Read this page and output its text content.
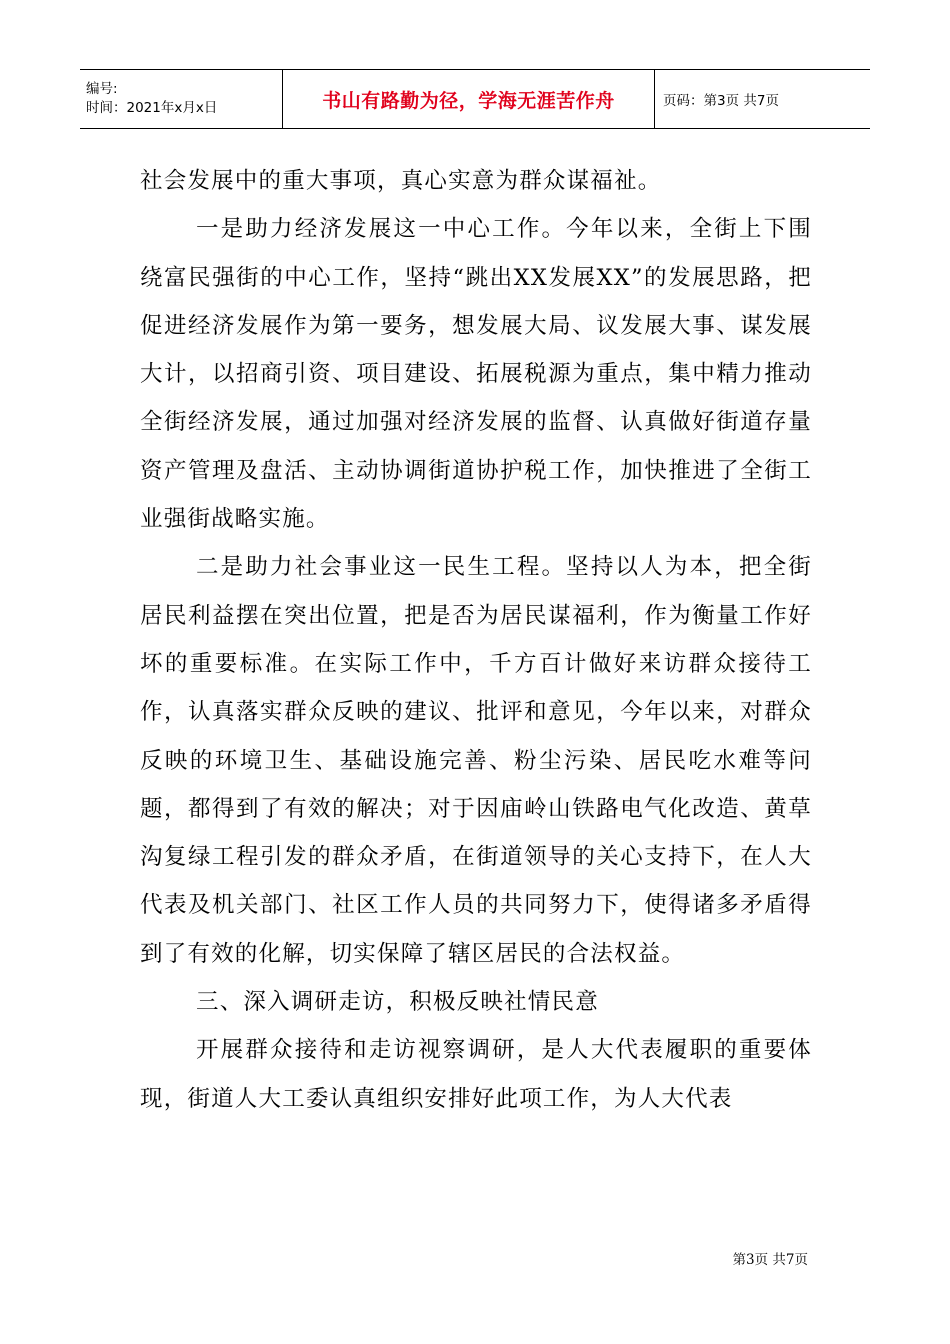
编号:
时间：2021年x月x日	书山有路勤为径，学海无涯苦作舟	页码：第3页 共7页

社会发展中的重大事项，真心实意为群众谋福祉。

一是助力经济发展这一中心工作。今年以来，全街上下围绕富民强街的中心工作，坚持“跳出XX发展XX”的发展思路，把促进经济发展作为第一要务，想发展大局、议发展大事、谋发展大计，以招商引资、项目建设、拓展税源为重点，集中精力推动全街经济发展，通过加强对经济发展的监督、认真做好街道存量资产管理及盘活、主动协调街道协护税工作，加快推进了全街工业强街战略实施。

二是助力社会事业这一民生工程。坚持以人为本，把全街居民利益摆在突出位置，把是否为居民谋福利，作为衡量工作好坏的重要标准。在实际工作中，千方百计做好来访群众接待工作，认真落实群众反映的建议、批评和意见，今年以来，对群众反映的环境卫生、基础设施完善、粉尘污染、居民吃水难等问题，都得到了有效的解决；对于因庙岭山铁路电气化改造、黄草沟复绿工程引发的群众矛盾，在街道领导的关心支持下，在人大代表及机关部门、社区工作人员的共同努力下，使得诸多矛盾得到了有效的化解，切实保障了辖区居民的合法权益。

三、深入调研走访，积极反映社情民意

开展群众接待和走访视察调研，是人大代表履职的重要体现，街道人大工委认真组织安排好此项工作，为人大代表

第3页 共7页
